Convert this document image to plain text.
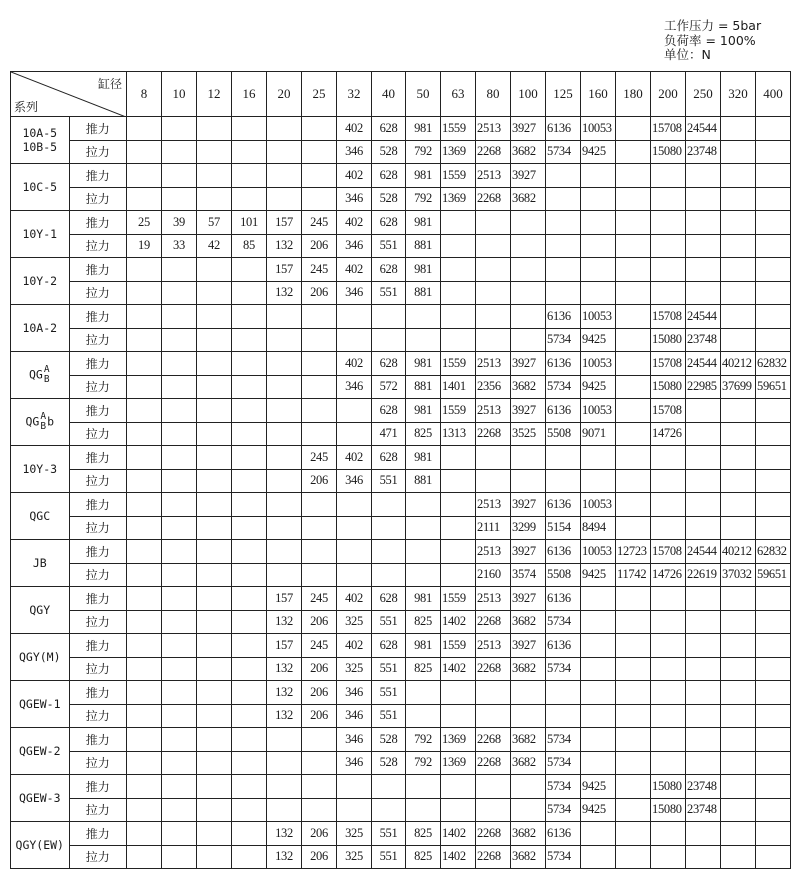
工作压力 = 5bar
负荷率 = 100%
单位：N
缸径
系列		8	10	12	16	20	25	32	40	50	63	80	100	125	160	180	200	250	320	400

10A-5
10B-5	推力							402	628	981	1559	2513	3927	6136	10053		15708	24544		
	拉力							346	528	792	1369	2268	3682	5734	9425		15080	23748		

10C-5	推力							402	628	981	1559	2513	3927							
	拉力							346	528	792	1369	2268	3682							

10Y-1	推力	25	39	57	101	157	245	402	628	981										
	拉力	19	33	42	85	132	206	346	551	881										

10Y-2	推力					157	245	402	628	981										
	拉力					132	206	346	551	881										

10A-2	推力													6136	10053		15708	24544		
	拉力													5734	9425		15080	23748		
QG A
B	推力							402	628	981	1559	2513	3927	6136	10053		15708	24544	40212	62832
	拉力							346	572	881	1401	2356	3682	5734	9425		15080	22985	37699	59651
QG A
B b	推力								628	981	1559	2513	3927	6136	10053		15708			
	拉力								471	825	1313	2268	3525	5508	9071		14726			

10Y-3	推力						245	402	628	981										
	拉力						206	346	551	881										

QGC	推力											2513	3927	6136	10053					
	拉力											2111	3299	5154	8494					

JB	推力											2513	3927	6136	10053	12723	15708	24544	40212	62832
	拉力											2160	3574	5508	9425	11742	14726	22619	37032	59651

QGY	推力					157	245	402	628	981	1559	2513	3927	6136						
	拉力					132	206	325	551	825	1402	2268	3682	5734						

QGY(M)	推力					157	245	402	628	981	1559	2513	3927	6136						
	拉力					132	206	325	551	825	1402	2268	3682	5734						

QGEW-1	推力					132	206	346	551											
	拉力					132	206	346	551											

QGEW-2	推力							346	528	792	1369	2268	3682	5734						
	拉力							346	528	792	1369	2268	3682	5734						

QGEW-3	推力													5734	9425		15080	23748		
	拉力													5734	9425		15080	23748		

QGY(EW)	推力					132	206	325	551	825	1402	2268	3682	6136						
	拉力					132	206	325	551	825	1402	2268	3682	5734						
